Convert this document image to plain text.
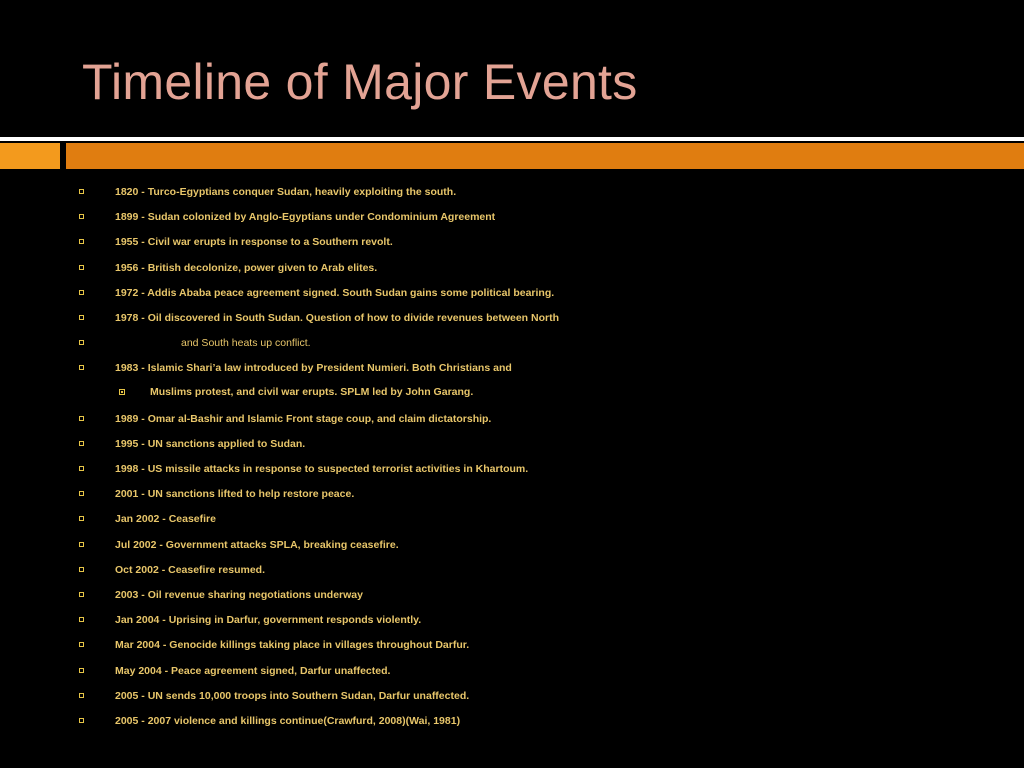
Timeline of Major Events
1820 - Turco-Egyptians conquer Sudan, heavily exploiting the south.
1899 - Sudan colonized by Anglo-Egyptians under Condominium Agreement
1955 - Civil war erupts in response to a Southern revolt.
1956 - British decolonize, power given to Arab elites.
1972 - Addis Ababa peace agreement signed. South Sudan gains some political bearing.
1978 - Oil discovered in South Sudan. Question of how to divide revenues between North
and South heats up conflict.
1983 - Islamic Shari’a law introduced by President Numieri. Both Christians and
Muslims protest, and civil war erupts. SPLM led by John Garang.
1989 - Omar al-Bashir and Islamic Front stage coup, and claim dictatorship.
1995 - UN sanctions applied to Sudan.
1998 - US missile attacks in response to suspected terrorist activities in Khartoum.
2001 - UN sanctions lifted to help restore peace.
Jan 2002 - Ceasefire
Jul 2002 - Government attacks SPLA, breaking ceasefire.
Oct 2002 - Ceasefire resumed.
2003 - Oil revenue sharing negotiations underway
Jan 2004 - Uprising in Darfur, government responds violently.
Mar 2004 - Genocide killings taking place in villages throughout Darfur.
May 2004 - Peace agreement signed, Darfur unaffected.
2005 - UN sends 10,000 troops into Southern Sudan, Darfur unaffected.
2005 - 2007 violence and killings continue(Crawfurd, 2008)(Wai, 1981)
